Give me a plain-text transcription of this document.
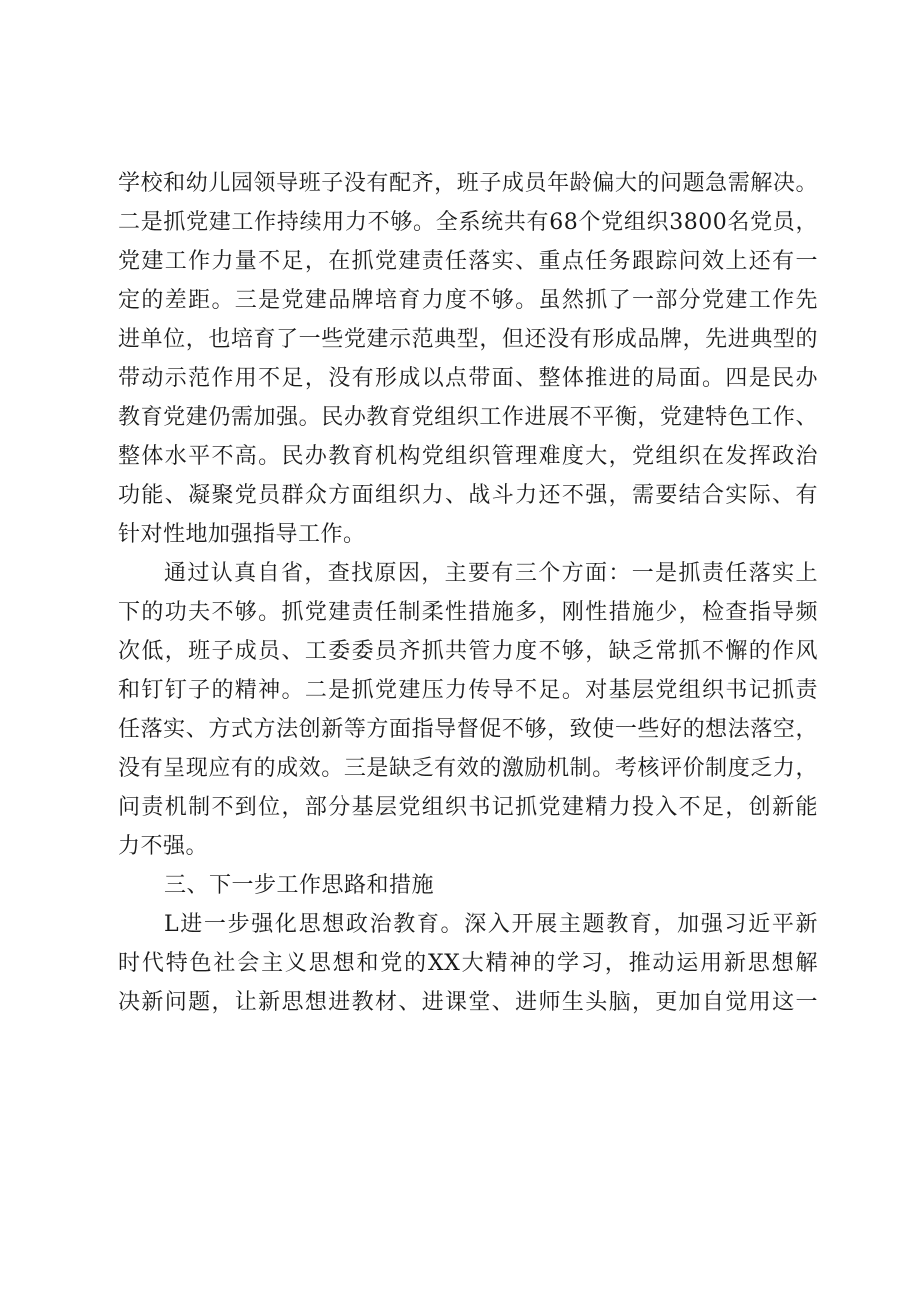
学校和幼儿园领导班子没有配齐，班子成员年龄偏大的问题急需解决。
二是抓党建工作持续用力不够。全系统共有68个党组织3800名党员，
党建工作力量不足，在抓党建责任落实、重点任务跟踪问效上还有一
定的差距。三是党建品牌培育力度不够。虽然抓了一部分党建工作先
进单位，也培育了一些党建示范典型，但还没有形成品牌，先进典型的
带动示范作用不足，没有形成以点带面、整体推进的局面。四是民办
教育党建仍需加强。民办教育党组织工作进展不平衡，党建特色工作、
整体水平不高。民办教育机构党组织管理难度大，党组织在发挥政治
功能、凝聚党员群众方面组织力、战斗力还不强，需要结合实际、有
针对性地加强指导工作。
通过认真自省，查找原因，主要有三个方面：一是抓责任落实上
下的功夫不够。抓党建责任制柔性措施多，刚性措施少，检查指导频
次低，班子成员、工委委员齐抓共管力度不够，缺乏常抓不懈的作风
和钉钉子的精神。二是抓党建压力传导不足。对基层党组织书记抓责
任落实、方式方法创新等方面指导督促不够，致使一些好的想法落空，
没有呈现应有的成效。三是缺乏有效的激励机制。考核评价制度乏力，
问责机制不到位，部分基层党组织书记抓党建精力投入不足，创新能
力不强。
三、下一步工作思路和措施
L进一步强化思想政治教育。深入开展主题教育，加强习近平新
时代特色社会主义思想和党的XX大精神的学习，推动运用新思想解
决新问题，让新思想进教材、进课堂、进师生头脑，更加自觉用这一
